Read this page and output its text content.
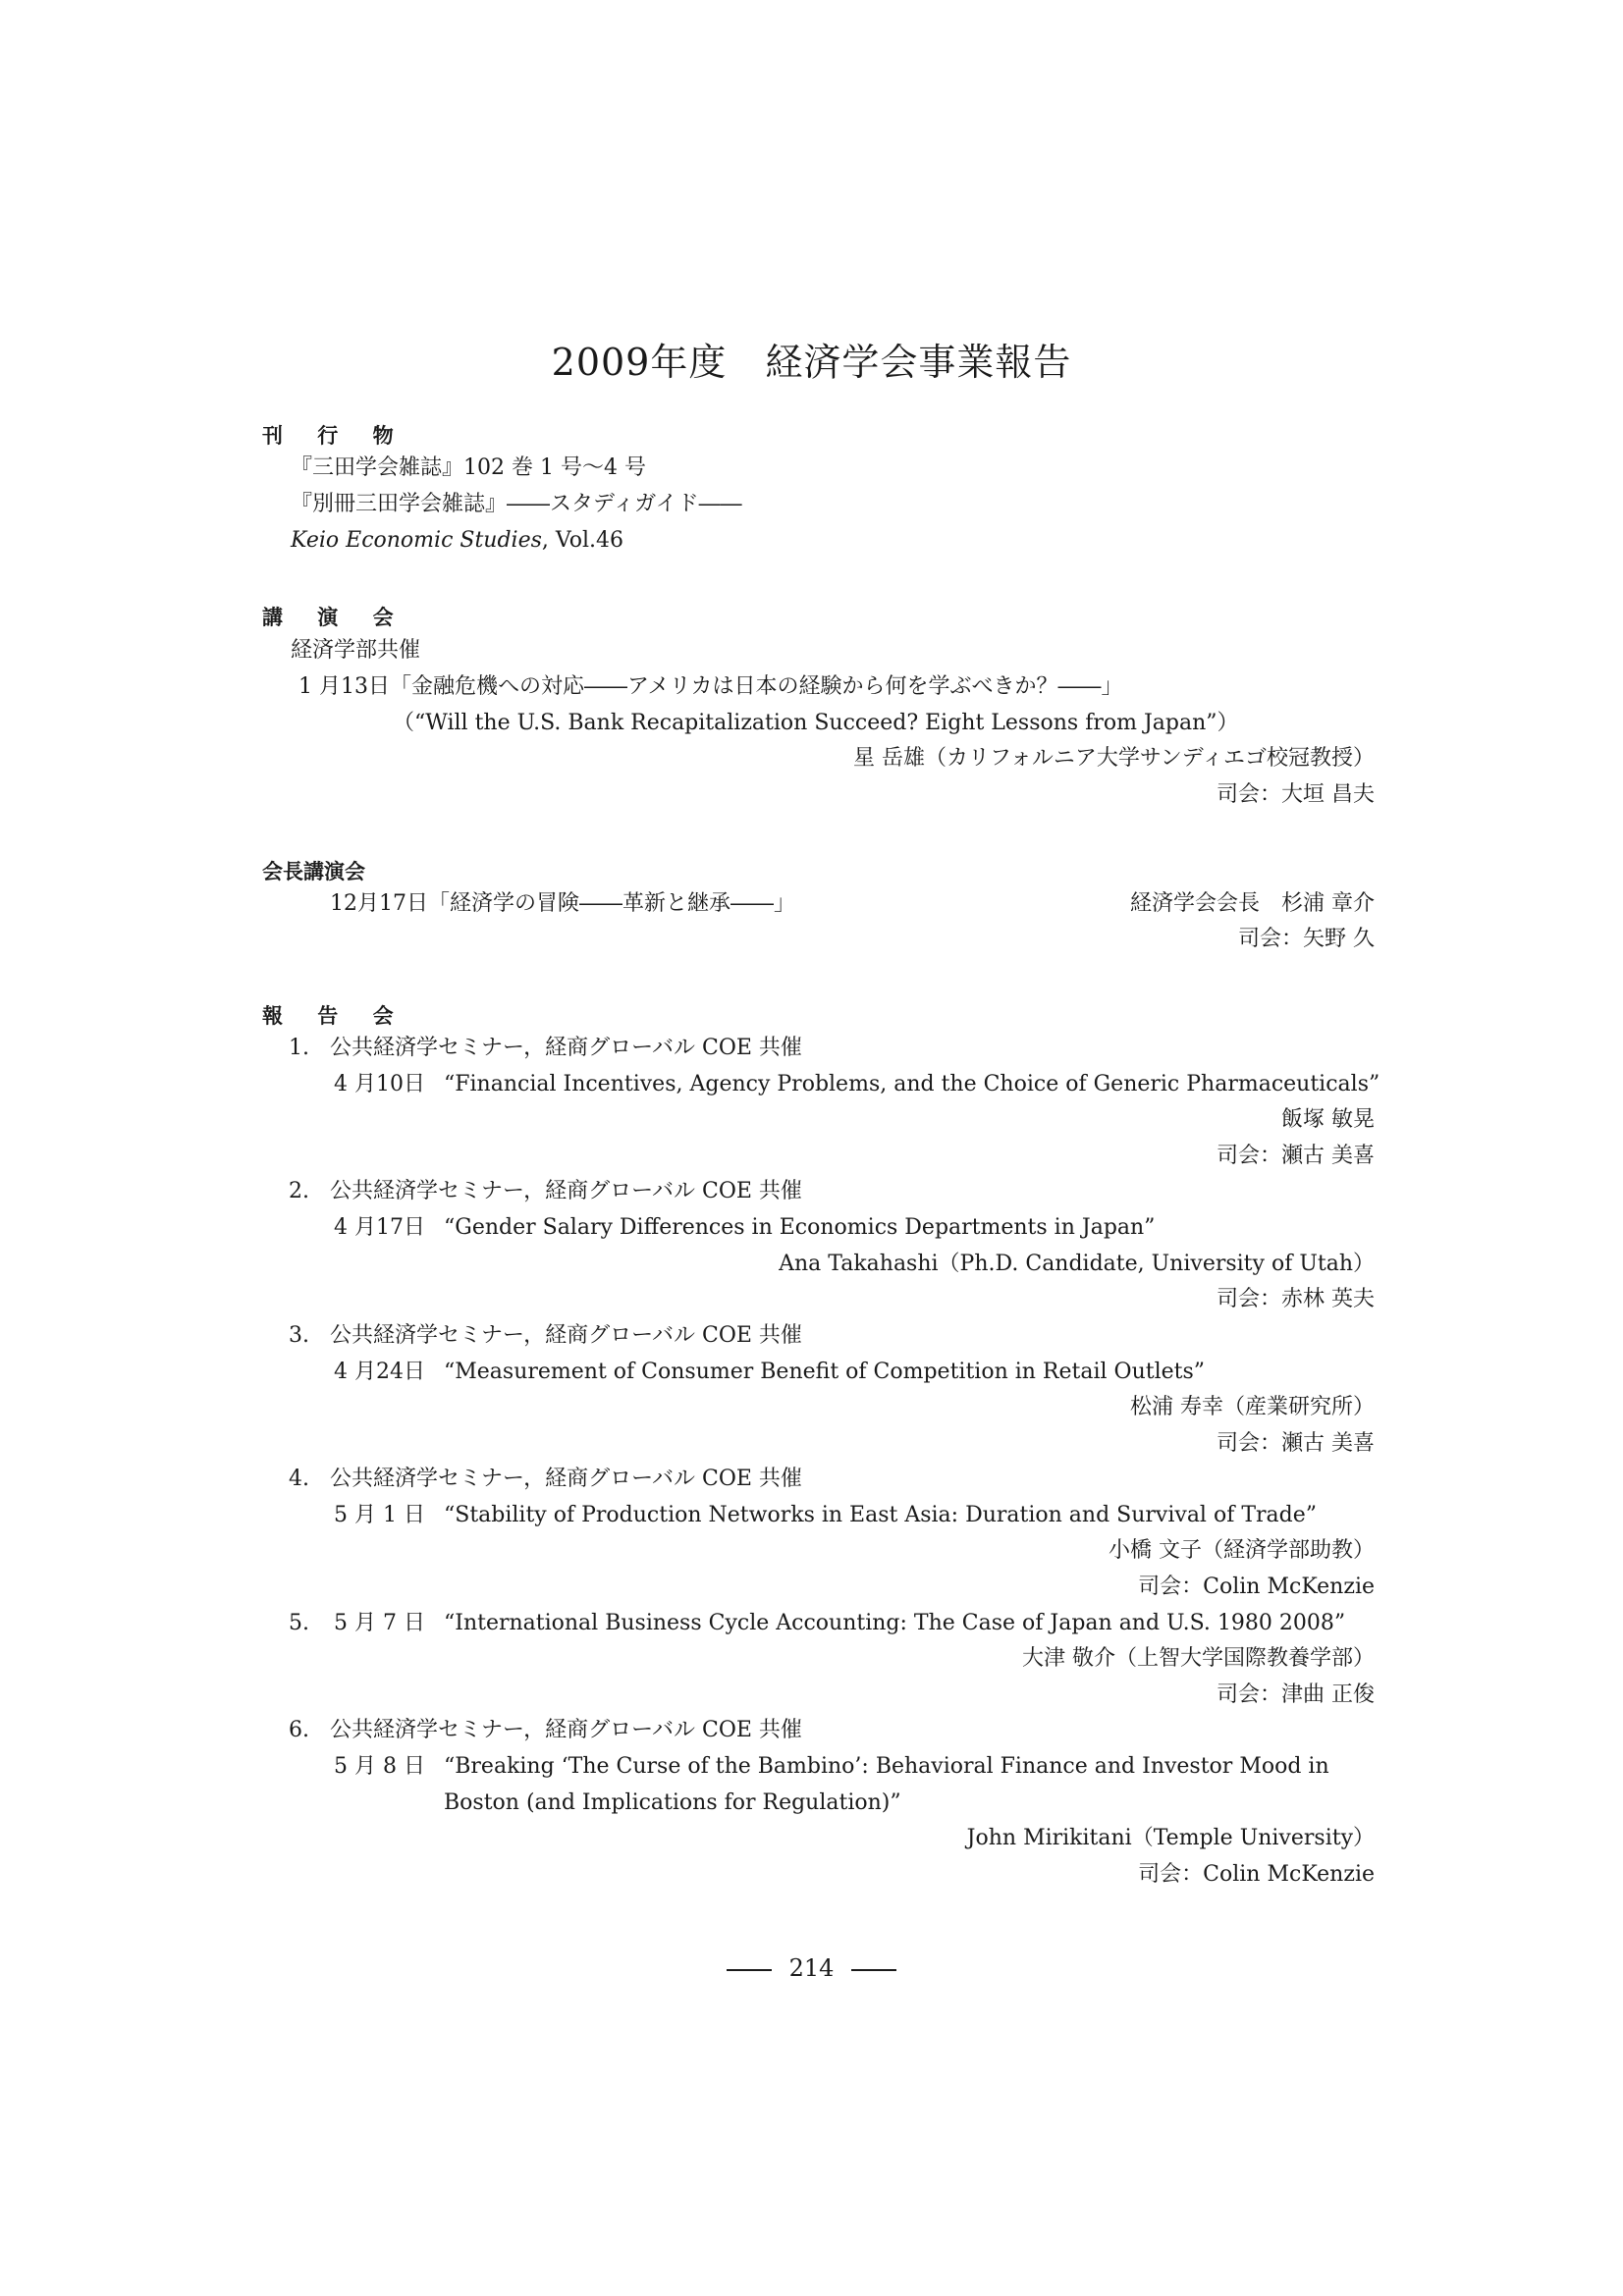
2009年度　経済学会事業報告
刊 行 物
『三田学会雑誌』102 巻 1 号～4 号
『別冊三田学会雑誌』――スタディガイド――
Keio Economic Studies, Vol.46
講 演 会
経済学部共催
1 月13日「金融危機への対応――アメリカは日本の経験から何を学ぶべきか？――」
（“Will the U.S. Bank Recapitalization Succeed? Eight Lessons from Japan”）
星 岳雄（カリフォルニア大学サンディエゴ校冠教授）
司会：大垣 昌夫
会長講演会
12月17日「経済学の冒険――革新と継承――」	経済学会会長　杉浦 章介
司会：矢野 久
報 告 会
1. 公共経済学セミナー，経商グローバル COE 共催
4 月10日 “Financial Incentives, Agency Problems, and the Choice of Generic Pharmaceuticals”
飯塚 敏晃
司会：瀬古 美喜
2. 公共経済学セミナー，経商グローバル COE 共催
4 月17日 “Gender Salary Differences in Economics Departments in Japan”
Ana Takahashi（Ph.D. Candidate, University of Utah）
司会：赤林 英夫
3. 公共経済学セミナー，経商グローバル COE 共催
4 月24日 “Measurement of Consumer Benefit of Competition in Retail Outlets”
松浦 寿幸（産業研究所）
司会：瀬古 美喜
4. 公共経済学セミナー，経商グローバル COE 共催
5 月 1 日 “Stability of Production Networks in East Asia: Duration and Survival of Trade”
小橋 文子（経済学部助教）
司会：Colin McKenzie
5. 5 月 7 日 “International Business Cycle Accounting: The Case of Japan and U.S. 1980 2008”
大津 敬介（上智大学国際教養学部）
司会：津曲 正俊
6. 公共経済学セミナー，経商グローバル COE 共催
5 月 8 日 “Breaking ‘The Curse of the Bambino’: Behavioral Finance and Investor Mood in
Boston (and Implications for Regulation)”
John Mirikitani（Temple University）
司会：Colin McKenzie
214
